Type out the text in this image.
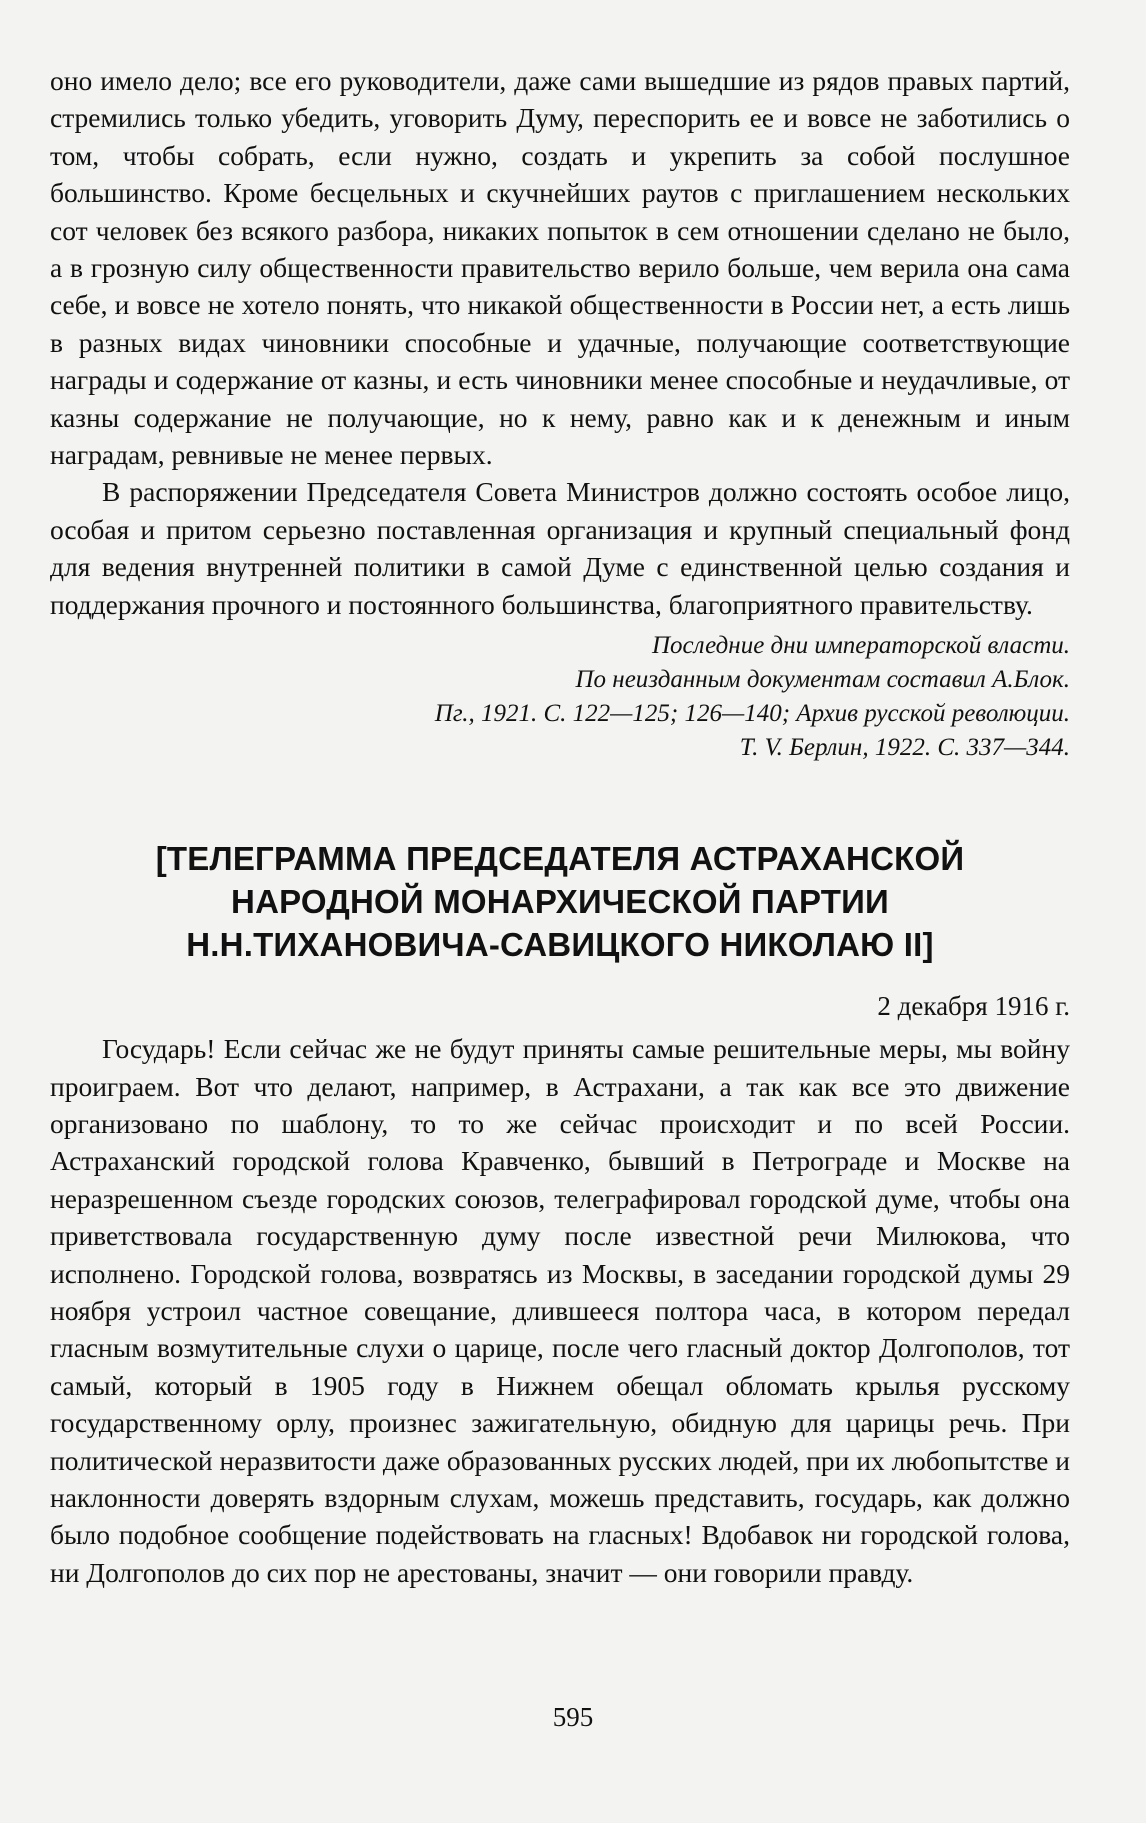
оно имело дело; все его руководители, даже сами вышедшие из рядов правых партий, стремились только убедить, уговорить Думу, переспорить ее и вовсе не заботились о том, чтобы собрать, если нужно, создать и укрепить за собой послушное большинство. Кроме бесцельных и скучнейших раутов с приглашением нескольких сот человек без всякого разбора, никаких попыток в сем отношении сделано не было, а в грозную силу общественности правительство верило больше, чем верила она сама себе, и вовсе не хотело понять, что никакой общественности в России нет, а есть лишь в разных видах чиновники способные и удачные, получающие соответствующие награды и содержание от казны, и есть чиновники менее способные и неудачливые, от казны содержание не получающие, но к нему, равно как и к денежным и иным наградам, ревнивые не менее первых.

В распоряжении Председателя Совета Министров должно состоять особое лицо, особая и притом серьезно поставленная организация и крупный специальный фонд для ведения внутренней политики в самой Думе с единственной целью создания и поддержания прочного и постоянного большинства, благоприятного правительству.

Последние дни императорской власти.
По неизданным документам составил А.Блок.
Пг., 1921. С. 122—125; 126—140; Архив русской революции.
Т. V. Берлин, 1922. С. 337—344.
[ТЕЛЕГРАММА ПРЕДСЕДАТЕЛЯ АСТРАХАНСКОЙ
НАРОДНОЙ МОНАРХИЧЕСКОЙ ПАРТИИ
Н.Н.ТИХАНОВИЧА-САВИЦКОГО НИКОЛАЮ II]
2 декабря 1916 г.

Государь! Если сейчас же не будут приняты самые решительные меры, мы войну проиграем. Вот что делают, например, в Астрахани, а так как все это движение организовано по шаблону, то то же сейчас происходит и по всей России. Астраханский городской голова Кравченко, бывший в Петрограде и Москве на неразрешенном съезде городских союзов, телеграфировал городской думе, чтобы она приветствовала государственную думу после известной речи Милюкова, что исполнено. Городской голова, возвратясь из Москвы, в заседании городской думы 29 ноября устроил частное совещание, длившееся полтора часа, в котором передал гласным возмутительные слухи о царице, после чего гласный доктор Долгополов, тот самый, который в 1905 году в Нижнем обещал обломать крылья русскому государственному орлу, произнес зажигательную, обидную для царицы речь. При политической неразвитости даже образованных русских людей, при их любопытстве и наклонности доверять вздорным слухам, можешь представить, государь, как должно было подобное сообщение подействовать на гласных! Вдобавок ни городской голова, ни Долгополов до сих пор не арестованы, значит — они говорили правду.

595
